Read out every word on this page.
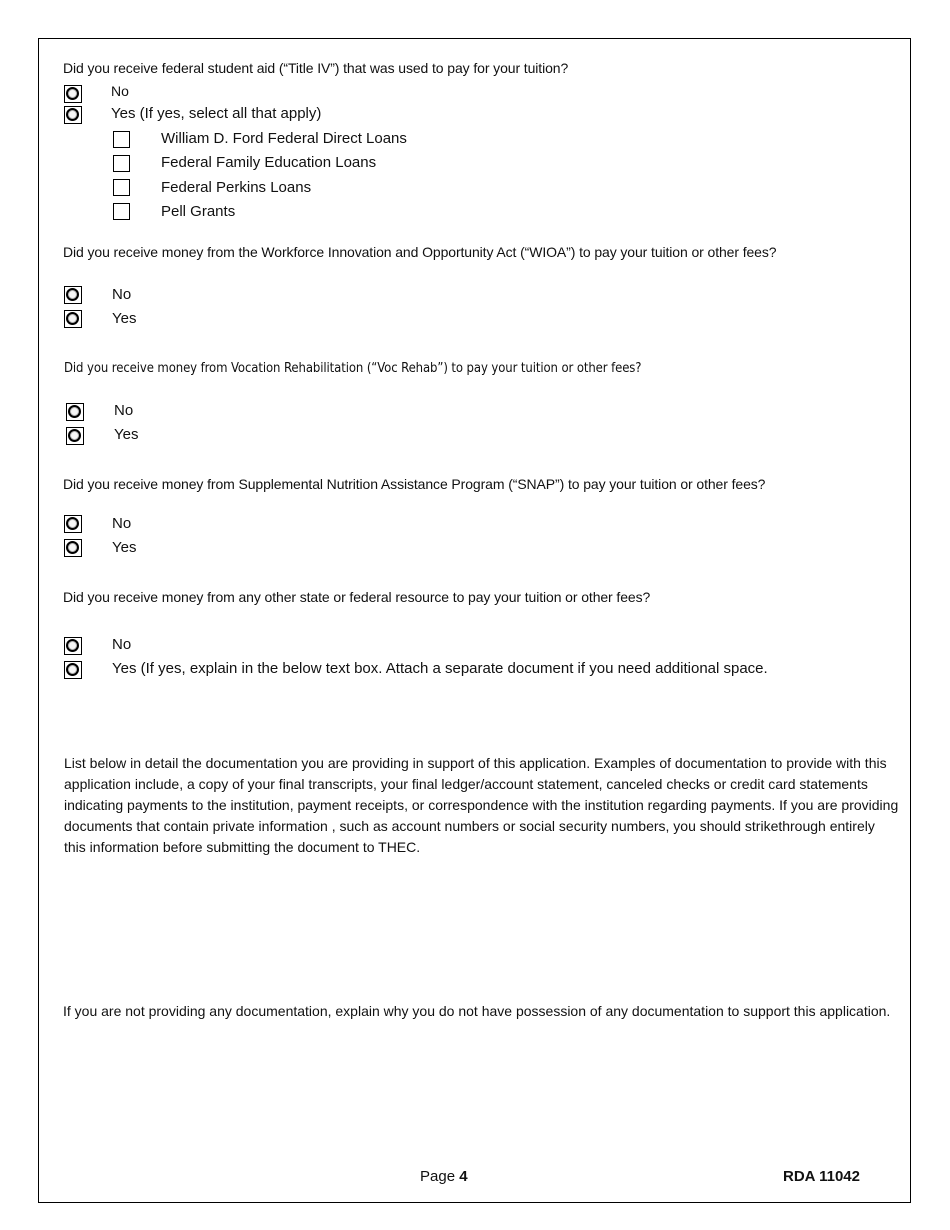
Did you receive federal student aid (“Title IV”) that was used to pay for your tuition?
No
Yes (If yes, select all that apply)
William D. Ford Federal Direct Loans
Federal Family Education Loans
Federal Perkins Loans
Pell Grants
Did you receive money from the Workforce Innovation and Opportunity Act (“WIOA”) to pay your tuition or other fees?
No
Yes
Did you receive money from Vocation Rehabilitation (“Voc Rehab”) to pay your tuition or other fees?
No
Yes
Did you receive money from Supplemental Nutrition Assistance Program (“SNAP”) to pay your tuition or other fees?
No
Yes
Did you receive money from any other state or federal resource to pay your tuition or other fees?
No
Yes (If yes, explain in the below text box. Attach a separate document if you need additional space.
List below in detail the documentation you are providing in support of this application. Examples of documentation to provide with this application include, a copy of your final transcripts, your final ledger/account statement, canceled checks or credit card statements indicating payments to the institution, payment receipts, or correspondence with the institution regarding payments. If you are providing documents that contain private information , such as account numbers or social security numbers, you should strikethrough entirely this information before submitting the document to THEC.
If you are not providing any documentation, explain why you do not have possession of any documentation to support this application.
Page 4	RDA 11042
